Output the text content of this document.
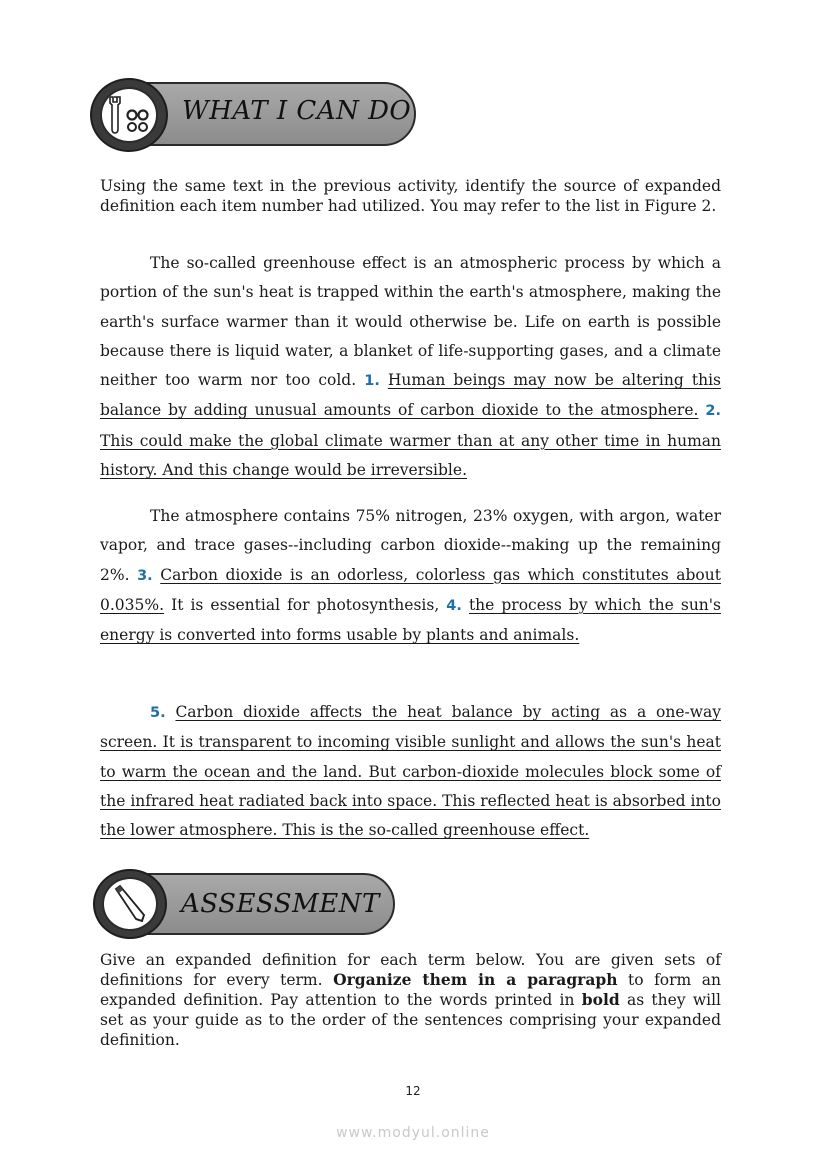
WHAT I CAN DO
Using the same text in the previous activity, identify the source of expanded definition each item number had utilized. You may refer to the list in Figure 2.
The so-called greenhouse effect is an atmospheric process by which a portion of the sun's heat is trapped within the earth's atmosphere, making the earth's surface warmer than it would otherwise be. Life on earth is possible because there is liquid water, a blanket of life-supporting gases, and a climate neither too warm nor too cold. 1. Human beings may now be altering this balance by adding unusual amounts of carbon dioxide to the atmosphere. 2. This could make the global climate warmer than at any other time in human history. And this change would be irreversible.
The atmosphere contains 75% nitrogen, 23% oxygen, with argon, water vapor, and trace gases--including carbon dioxide--making up the remaining 2%. 3. Carbon dioxide is an odorless, colorless gas which constitutes about 0.035%. It is essential for photosynthesis, 4. the process by which the sun's energy is converted into forms usable by plants and animals.
5. Carbon dioxide affects the heat balance by acting as a one-way screen. It is transparent to incoming visible sunlight and allows the sun's heat to warm the ocean and the land. But carbon-dioxide molecules block some of the infrared heat radiated back into space. This reflected heat is absorbed into the lower atmosphere. This is the so-called greenhouse effect.
ASSESSMENT
Give an expanded definition for each term below. You are given sets of definitions for every term. Organize them in a paragraph to form an expanded definition. Pay attention to the words printed in bold as they will set as your guide as to the order of the sentences comprising your expanded definition.
12
www.modyul.online
